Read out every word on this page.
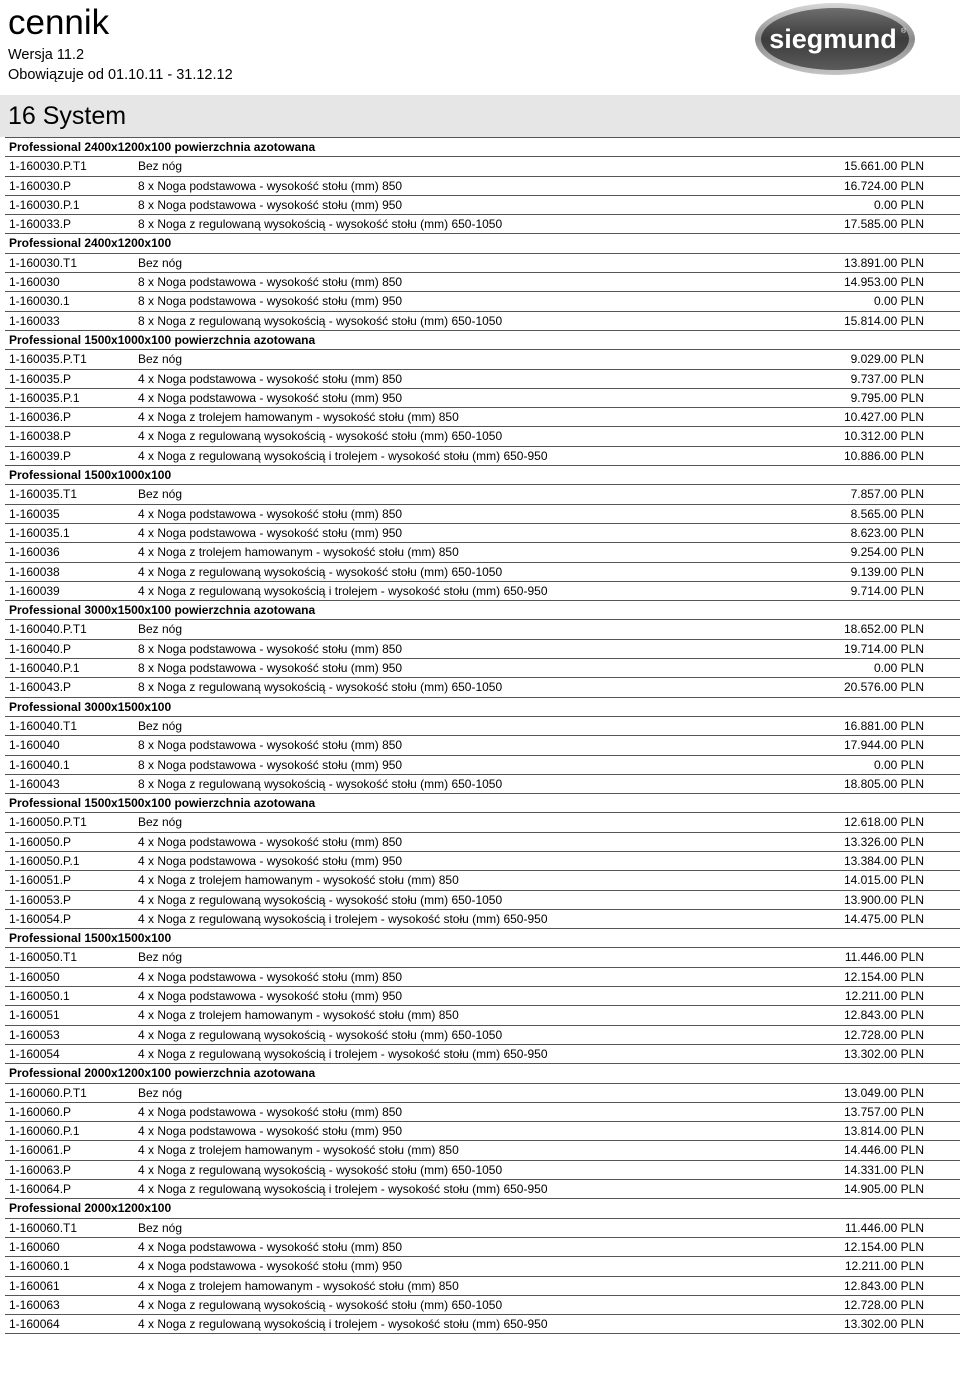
cennik
Wersja 11.2
Obowiązuje od 01.10.11 - 31.12.12
siegmund ®
16 System
Professional 2400x1200x100 powierzchnia azotowana
1-160030.P.T1	Bez nóg	15.661.00 PLN
1-160030.P	8 x Noga podstawowa - wysokość stołu (mm) 850	16.724.00 PLN
1-160030.P.1	8 x Noga podstawowa - wysokość stołu (mm) 950	0.00 PLN
1-160033.P	8 x Noga z regulowaną wysokością - wysokość stołu (mm) 650-1050	17.585.00 PLN
Professional 2400x1200x100
1-160030.T1	Bez nóg	13.891.00 PLN
1-160030	8 x Noga podstawowa - wysokość stołu (mm) 850	14.953.00 PLN
1-160030.1	8 x Noga podstawowa - wysokość stołu (mm) 950	0.00 PLN
1-160033	8 x Noga z regulowaną wysokością - wysokość stołu (mm) 650-1050	15.814.00 PLN
Professional 1500x1000x100 powierzchnia azotowana
1-160035.P.T1	Bez nóg	9.029.00 PLN
1-160035.P	4 x Noga podstawowa - wysokość stołu (mm) 850	9.737.00 PLN
1-160035.P.1	4 x Noga podstawowa - wysokość stołu (mm) 950	9.795.00 PLN
1-160036.P	4 x Noga z trolejem hamowanym - wysokość stołu (mm) 850	10.427.00 PLN
1-160038.P	4 x Noga z regulowaną wysokością - wysokość stołu (mm) 650-1050	10.312.00 PLN
1-160039.P	4 x Noga z regulowaną wysokością i trolejem - wysokość stołu (mm) 650-950	10.886.00 PLN
Professional 1500x1000x100
1-160035.T1	Bez nóg	7.857.00 PLN
1-160035	4 x Noga podstawowa - wysokość stołu (mm) 850	8.565.00 PLN
1-160035.1	4 x Noga podstawowa - wysokość stołu (mm) 950	8.623.00 PLN
1-160036	4 x Noga z trolejem hamowanym - wysokość stołu (mm) 850	9.254.00 PLN
1-160038	4 x Noga z regulowaną wysokością - wysokość stołu (mm) 650-1050	9.139.00 PLN
1-160039	4 x Noga z regulowaną wysokością i trolejem - wysokość stołu (mm) 650-950	9.714.00 PLN
Professional 3000x1500x100 powierzchnia azotowana
1-160040.P.T1	Bez nóg	18.652.00 PLN
1-160040.P	8 x Noga podstawowa - wysokość stołu (mm) 850	19.714.00 PLN
1-160040.P.1	8 x Noga podstawowa - wysokość stołu (mm) 950	0.00 PLN
1-160043.P	8 x Noga z regulowaną wysokością - wysokość stołu (mm) 650-1050	20.576.00 PLN
Professional 3000x1500x100
1-160040.T1	Bez nóg	16.881.00 PLN
1-160040	8 x Noga podstawowa - wysokość stołu (mm) 850	17.944.00 PLN
1-160040.1	8 x Noga podstawowa - wysokość stołu (mm) 950	0.00 PLN
1-160043	8 x Noga z regulowaną wysokością - wysokość stołu (mm) 650-1050	18.805.00 PLN
Professional 1500x1500x100 powierzchnia azotowana
1-160050.P.T1	Bez nóg	12.618.00 PLN
1-160050.P	4 x Noga podstawowa - wysokość stołu (mm) 850	13.326.00 PLN
1-160050.P.1	4 x Noga podstawowa - wysokość stołu (mm) 950	13.384.00 PLN
1-160051.P	4 x Noga z trolejem hamowanym - wysokość stołu (mm) 850	14.015.00 PLN
1-160053.P	4 x Noga z regulowaną wysokością - wysokość stołu (mm) 650-1050	13.900.00 PLN
1-160054.P	4 x Noga z regulowaną wysokością i trolejem - wysokość stołu (mm) 650-950	14.475.00 PLN
Professional 1500x1500x100
1-160050.T1	Bez nóg	11.446.00 PLN
1-160050	4 x Noga podstawowa - wysokość stołu (mm) 850	12.154.00 PLN
1-160050.1	4 x Noga podstawowa - wysokość stołu (mm) 950	12.211.00 PLN
1-160051	4 x Noga z trolejem hamowanym - wysokość stołu (mm) 850	12.843.00 PLN
1-160053	4 x Noga z regulowaną wysokością - wysokość stołu (mm) 650-1050	12.728.00 PLN
1-160054	4 x Noga z regulowaną wysokością i trolejem - wysokość stołu (mm) 650-950	13.302.00 PLN
Professional 2000x1200x100 powierzchnia azotowana
1-160060.P.T1	Bez nóg	13.049.00 PLN
1-160060.P	4 x Noga podstawowa - wysokość stołu (mm) 850	13.757.00 PLN
1-160060.P.1	4 x Noga podstawowa - wysokość stołu (mm) 950	13.814.00 PLN
1-160061.P	4 x Noga z trolejem hamowanym - wysokość stołu (mm) 850	14.446.00 PLN
1-160063.P	4 x Noga z regulowaną wysokością - wysokość stołu (mm) 650-1050	14.331.00 PLN
1-160064.P	4 x Noga z regulowaną wysokością i trolejem - wysokość stołu (mm) 650-950	14.905.00 PLN
Professional 2000x1200x100
1-160060.T1	Bez nóg	11.446.00 PLN
1-160060	4 x Noga podstawowa - wysokość stołu (mm) 850	12.154.00 PLN
1-160060.1	4 x Noga podstawowa - wysokość stołu (mm) 950	12.211.00 PLN
1-160061	4 x Noga z trolejem hamowanym - wysokość stołu (mm) 850	12.843.00 PLN
1-160063	4 x Noga z regulowaną wysokością - wysokość stołu (mm) 650-1050	12.728.00 PLN
1-160064	4 x Noga z regulowaną wysokością i trolejem - wysokość stołu (mm) 650-950	13.302.00 PLN
